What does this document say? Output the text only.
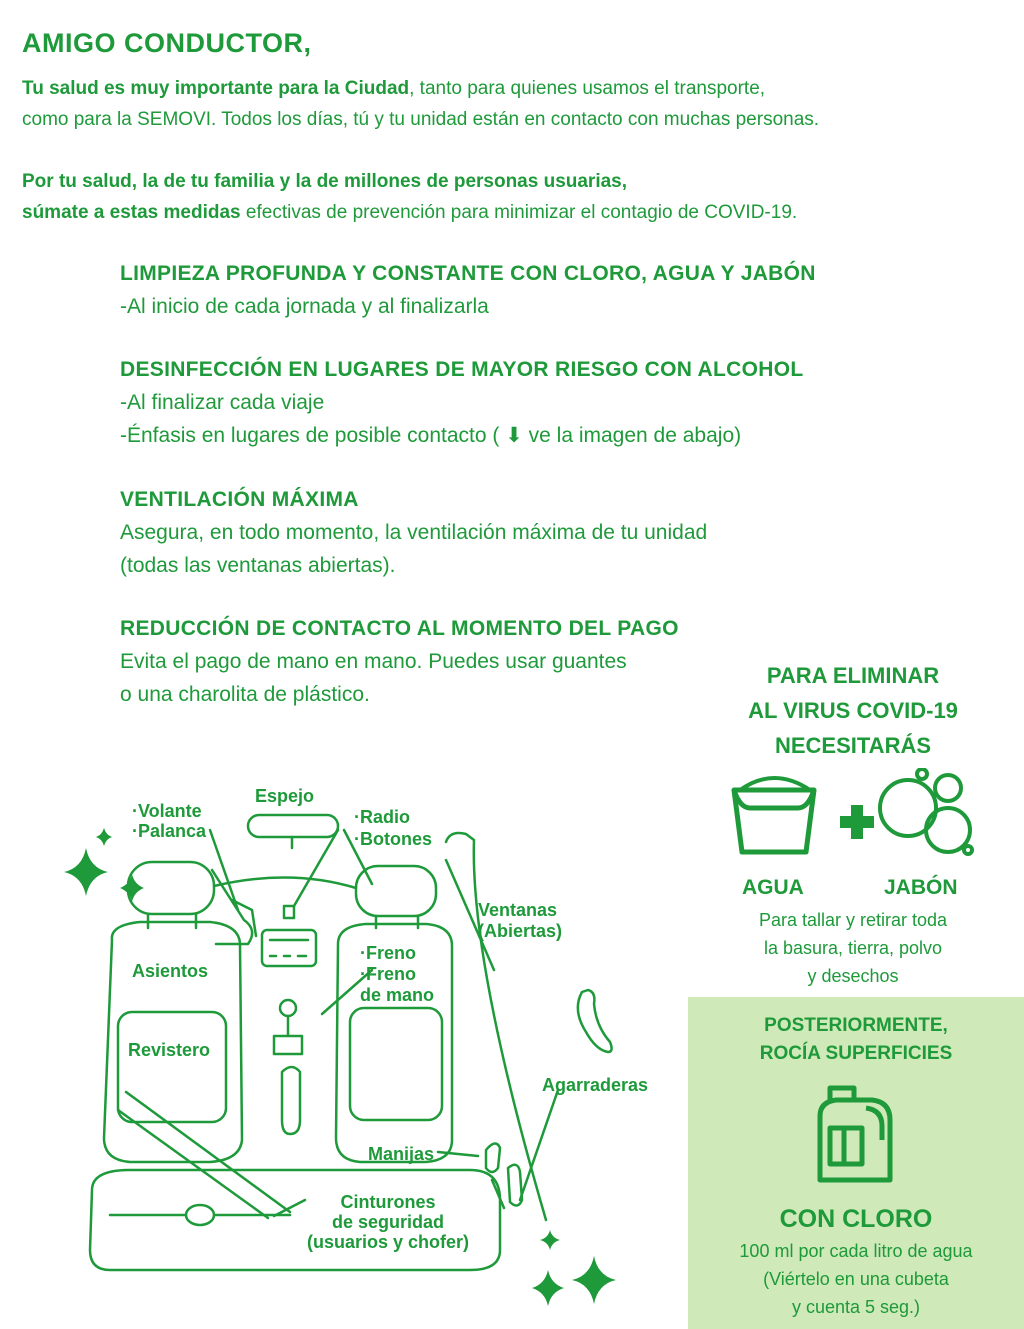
AMIGO CONDUCTOR,
Tu salud es muy importante para la Ciudad, tanto para quienes usamos el transporte,
como para la SEMOVI. Todos los días, tú y tu unidad están en contacto con muchas personas.
Por tu salud, la de tu familia y la de millones de personas usuarias,
súmate a estas medidas efectivas de prevención para minimizar el contagio de COVID-19.
LIMPIEZA PROFUNDA Y CONSTANTE CON CLORO, AGUA Y JABÓN
-Al inicio de cada jornada y al finalizarla
DESINFECCIÓN EN LUGARES DE MAYOR RIESGO CON ALCOHOL
-Al finalizar cada viaje
-Énfasis en lugares de posible contacto ( ⬇ ve la imagen de abajo)
VENTILACIÓN MÁXIMA
Asegura, en todo momento, la ventilación máxima de tu unidad
(todas las ventanas abiertas).
REDUCCIÓN DE CONTACTO AL MOMENTO DEL PAGO
Evita el pago de mano en mano. Puedes usar guantes
o una charolita de plástico.
PARA ELIMINAR
AL VIRUS COVID-19
NECESITARÁS
AGUA	JABÓN
Para tallar y retirar toda
la basura, tierra, polvo
y desechos
POSTERIORMENTE,
ROCÍA SUPERFICIES
CON CLORO
100 ml por cada litro de agua
(Viértelo en una cubeta
y cuenta 5 seg.)
Espejo
·Volante
·Palanca
·Radio
·Botones
Asientos
Revistero
·Freno
·Freno
de mano
Ventanas
(Abiertas)
Agarraderas
Manijas
Cinturones
de seguridad
(usuarios y chofer)
